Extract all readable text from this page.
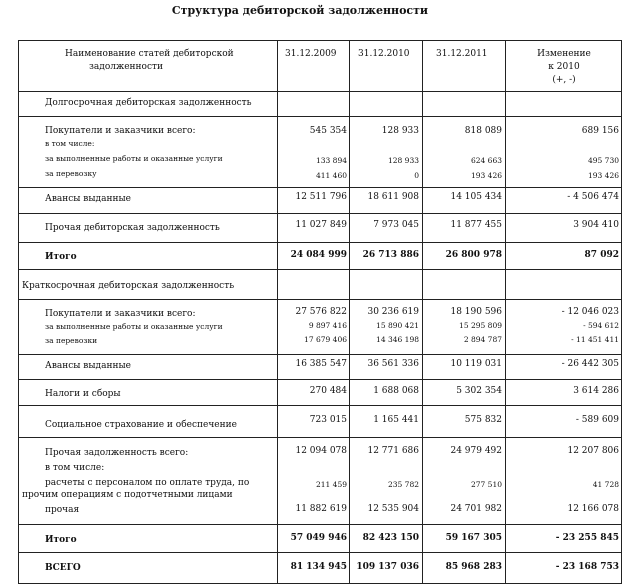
Структура дебиторской задолженности
Наименование статей дебиторской
задолженности
31.12.2009 31.12.2010	31.12.2011	Изменение
к 2010
(+, -)
Долгосрочная дебиторская задолженность
Покупатели и заказчики всего:	545 354	128 933	818 089	689 156
в том числе:
за выполненные работы и оказанные услуги	133 894	128 933	624 663	495 730
за перевозку	411 460	0	193 426	193 426
Авансы выданные	12 511 796	18 611 908	14 105 434	- 4 506 474
Прочая дебиторская задолженность	11 027 849	7 973 045	11 877 455	3 904 410
Итого	24 084 999	26 713 886	26 800 978	87 092
Краткосрочная дебиторская задолженность
Покупатели и заказчики всего:	27 576 822	30 236 619	18 190 596	- 12 046 023
за выполненные работы и оказанные услуги	9 897 416	15 890 421	15 295 809	- 594 612
за перевозки	17 679 406	14 346 198	2 894 787	- 11 451 411
Авансы выданные	16 385 547	36 561 336	10 119 031	- 26 442 305
Налоги и сборы	270 484	1 688 068	5 302 354	3 614 286
Социальное страхование и обеспечение	723 015	1 165 441	575 832	- 589 609
Прочая задолженность всего:	12 094 078	12 771 686	24 979 492	12 207 806
в том числе:
расчеты с персоналом по оплате труда, по
прочим операциям с подотчетными лицами
211 459	235 782	277 510	41 728
прочая	11 882 619	12 535 904	24 701 982	12 166 078
Итого	57 049 946	82 423 150	59 167 305	- 23 255 845
ВСЕГО	81 134 945	109 137 036	85 968 283	- 23 168 753
